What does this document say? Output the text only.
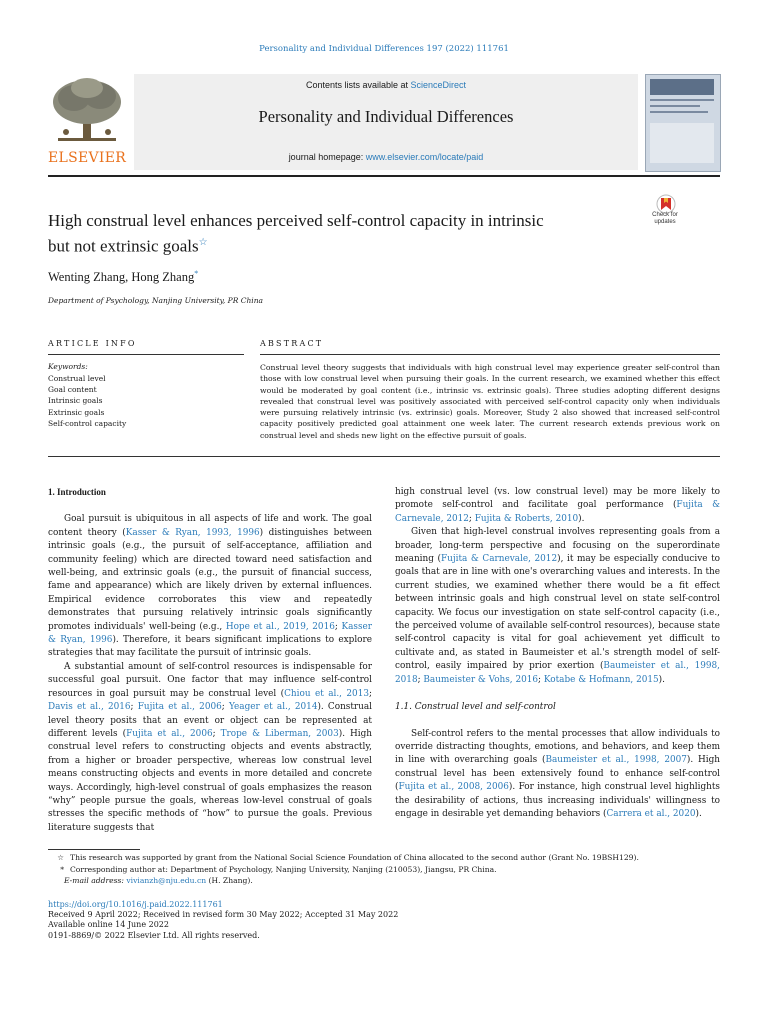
Personality and Individual Differences 197 (2022) 111761
ELSEVIER
Contents lists available at ScienceDirect
Personality and Individual Differences
journal homepage: www.elsevier.com/locate/paid
High construal level enhances perceived self-control capacity in intrinsic
but not extrinsic goals☆
Check for updates
Wenting Zhang, Hong Zhang*
Department of Psychology, Nanjing University, PR China
ARTICLE INFO	ABSTRACT
Keywords:
Construal level
Goal content
Intrinsic goals
Extrinsic goals
Self-control capacity
Construal level theory suggests that individuals with high construal level may experience greater self-control than those with low construal level when pursuing their goals. In the current research, we examined whether this effect would be moderated by goal content (i.e., intrinsic vs. extrinsic goals). Three studies adopting different designs revealed that construal level was positively associated with perceived self-control capacity only when individuals were pursuing relatively intrinsic (vs. extrinsic) goals. Moreover, Study 2 also showed that increased self-control capacity positively predicted goal attainment one week later. The current research extends previous work on construal level and sheds new light on the effective pursuit of goals.
1. Introduction

Goal pursuit is ubiquitous in all aspects of life and work. The goal content theory (Kasser & Ryan, 1993, 1996) distinguishes between intrinsic goals (e.g., the pursuit of self-acceptance, affiliation and community feeling) which are directed toward need satisfaction and well-being, and extrinsic goals (e.g., the pursuit of financial success, fame and appearance) which are likely driven by external influences. Empirical evidence corroborates this view and repeatedly demonstrates that pursuing relatively intrinsic goals significantly promotes individuals' well-being (e.g., Hope et al., 2019, 2016; Kasser & Ryan, 1996). Therefore, it bears significant implications to explore strategies that may facilitate the pursuit of intrinsic goals.

A substantial amount of self-control resources is indispensable for successful goal pursuit. One factor that may influence self-control resources in goal pursuit may be construal level (Chiou et al., 2013; Davis et al., 2016; Fujita et al., 2006; Yeager et al., 2014). Construal level theory posits that an event or object can be represented at different levels (Fujita et al., 2006; Trope & Liberman, 2003). High construal level refers to constructing objects and events abstractly, from a higher or broader perspective, whereas low construal level means constructing objects and events in more detailed and concrete ways. Accordingly, high-level construal of goals emphasizes the reason “why” people pursue the goals, whereas low-level construal of goals stresses the specific methods of “how” to pursue the goals. Previous literature suggests that

high construal level (vs. low construal level) may be more likely to promote self-control and facilitate goal performance (Fujita & Carnevale, 2012; Fujita & Roberts, 2010).

Given that high-level construal involves representing goals from a broader, long-term perspective and focusing on the superordinate meaning (Fujita & Carnevale, 2012), it may be especially conducive to goals that are in line with one's overarching values and interests. In the current studies, we examined whether there would be a fit effect between intrinsic goals and high construal level on state self-control capacity. We focus our investigation on state self-control capacity (i.e., the perceived volume of available self-control resources), because state self-control capacity is vital for goal achievement yet difficult to cultivate and, as stated in Baumeister et al.'s strength model of self-control, easily impaired by prior exertion (Baumeister et al., 1998, 2018; Baumeister & Vohs, 2016; Kotabe & Hofmann, 2015).

1.1. Construal level and self-control

Self-control refers to the mental processes that allow individuals to override distracting thoughts, emotions, and behaviors, and keep them in line with overarching goals (Baumeister et al., 1998, 2007). High construal level has been extensively found to enhance self-control (Fujita et al., 2008, 2006). For instance, high construal level highlights the desirability of actions, thus increasing individuals' willingness to engage in desirable yet demanding behaviors (Carrera et al., 2020).

☆ This research was supported by grant from the National Social Science Foundation of China allocated to the second author (Grant No. 19BSH129).
* Corresponding author at: Department of Psychology, Nanjing University, Nanjing (210053), Jiangsu, PR China.
E-mail address: vivianzh@nju.edu.cn (H. Zhang).
https://doi.org/10.1016/j.paid.2022.111761
Received 9 April 2022; Received in revised form 30 May 2022; Accepted 31 May 2022
Available online 14 June 2022
0191-8869/© 2022 Elsevier Ltd. All rights reserved.
